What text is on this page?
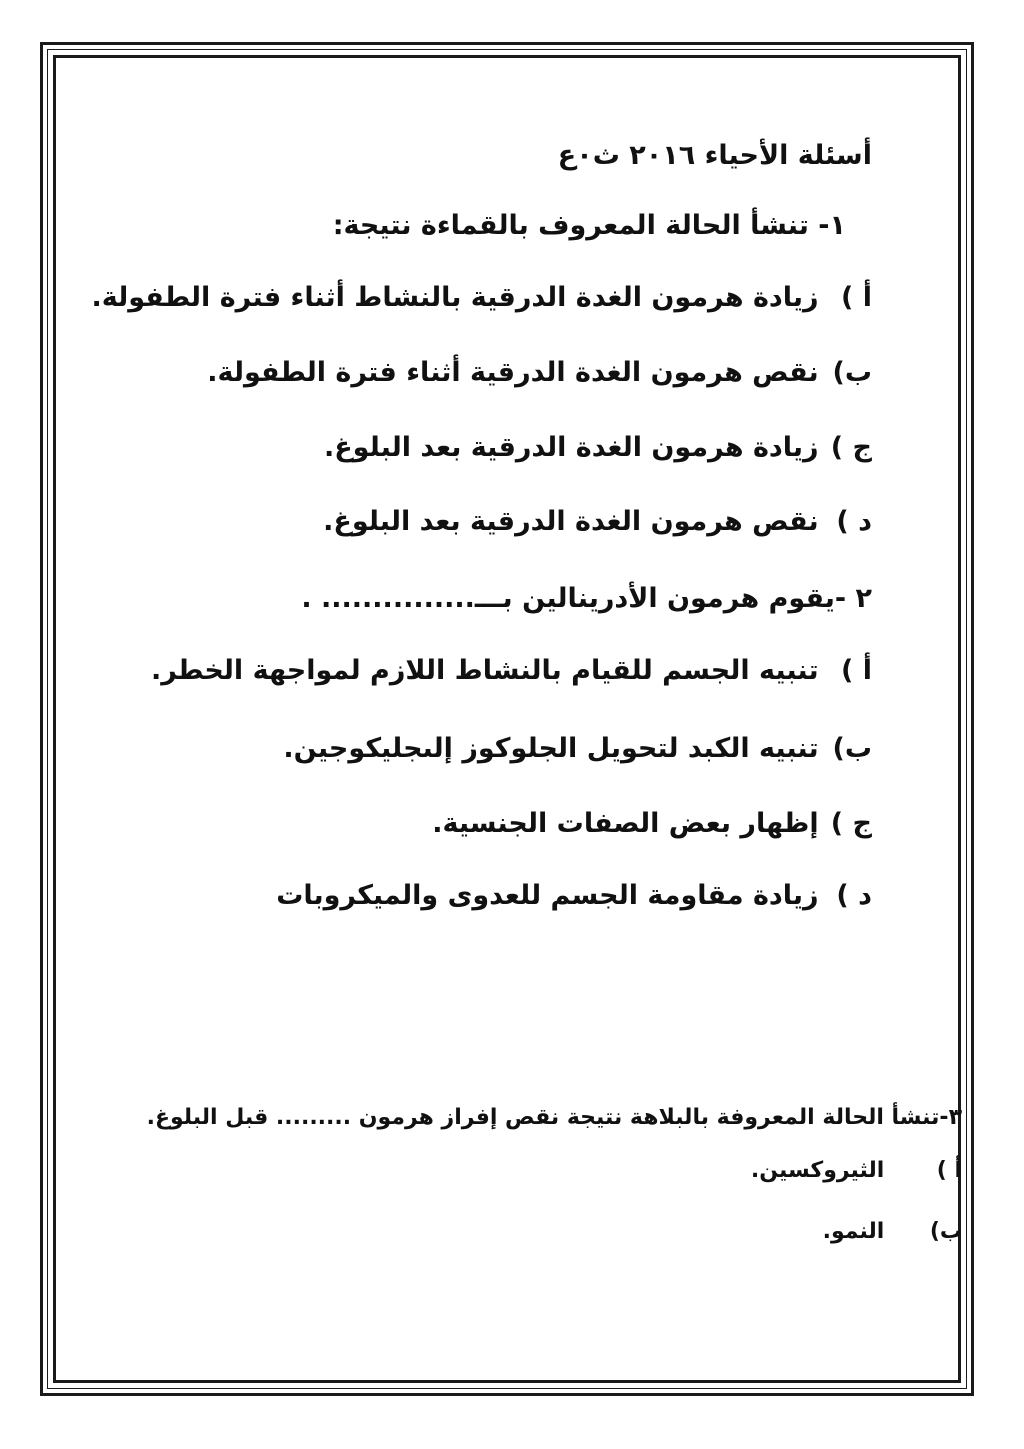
أسئلة الأحياء ٢٠١٦ ث٠ع
١- تنشأ الحالة المعروف بالقماءة نتيجة:
أ ) زيادة هرمون الغدة الدرقية بالنشاط أثناء فترة الطفولة.
ب) نقص هرمون الغدة الدرقية أثناء فترة الطفولة.
ج ) زيادة هرمون الغدة الدرقية بعد البلوغ.
د ) نقص هرمون الغدة الدرقية بعد البلوغ.
٢ -يقوم هرمون الأدرينالين بـــ............... .
أ ) تنبيه الجسم للقيام بالنشاط اللازم لمواجهة الخطر.
ب) تنبيه الكبد لتحويل الجلوكوز إلىجليكوجين.
ج ) إظهار بعض الصفات الجنسية.
د ) زيادة مقاومة الجسم للعدوى والميكروبات
٣-تنشأ الحالة المعروفة بالبلاهة نتيجة نقص إفراز هرمون ......... قبل البلوغ.
أ ) الثيروكسين.
ب) النمو.
